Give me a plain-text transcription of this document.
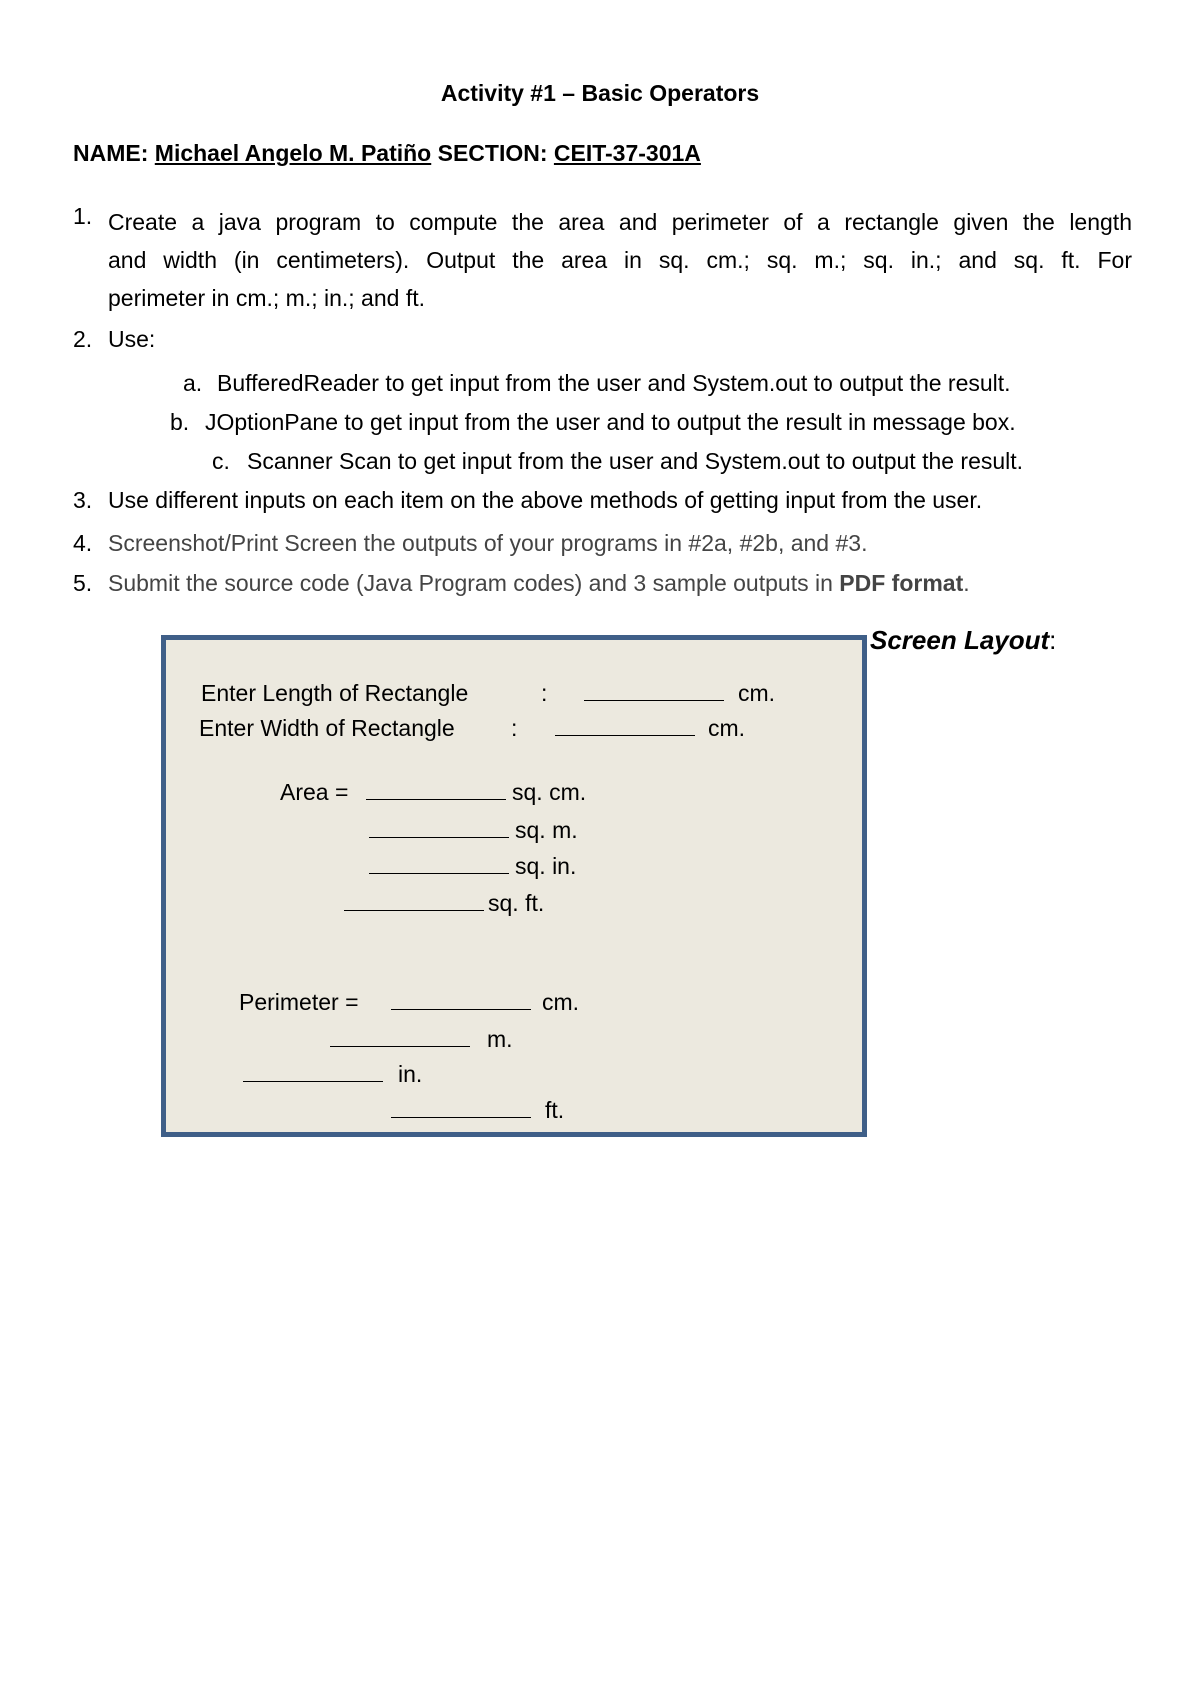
Activity #1 – Basic Operators
NAME: Michael Angelo M. Patiño SECTION: CEIT-37-301A
1. Create a java program to compute the area and perimeter of a rectangle given the length
and width (in centimeters). Output the area in sq. cm.; sq. m.; sq. in.; and sq. ft. For
perimeter in cm.; m.; in.; and ft.
2. Use:
a. BufferedReader to get input from the user and System.out to output the result.
b. JOptionPane to get input from the user and to output the result in message box.
c. Scanner Scan to get input from the user and System.out to output the result.
3. Use different inputs on each item on the above methods of getting input from the user.
4. Screenshot/Print Screen the outputs of your programs in #2a, #2b, and #3.
5. Submit the source code (Java Program codes) and 3 sample outputs in PDF format.
Enter Length of Rectangle	:	cm.
Enter Width of Rectangle :	cm.
Area =	sq. cm.
sq. m.
sq. in.
sq. ft.
Perimeter =	cm.
m.
in.
ft.
Screen Layout:
